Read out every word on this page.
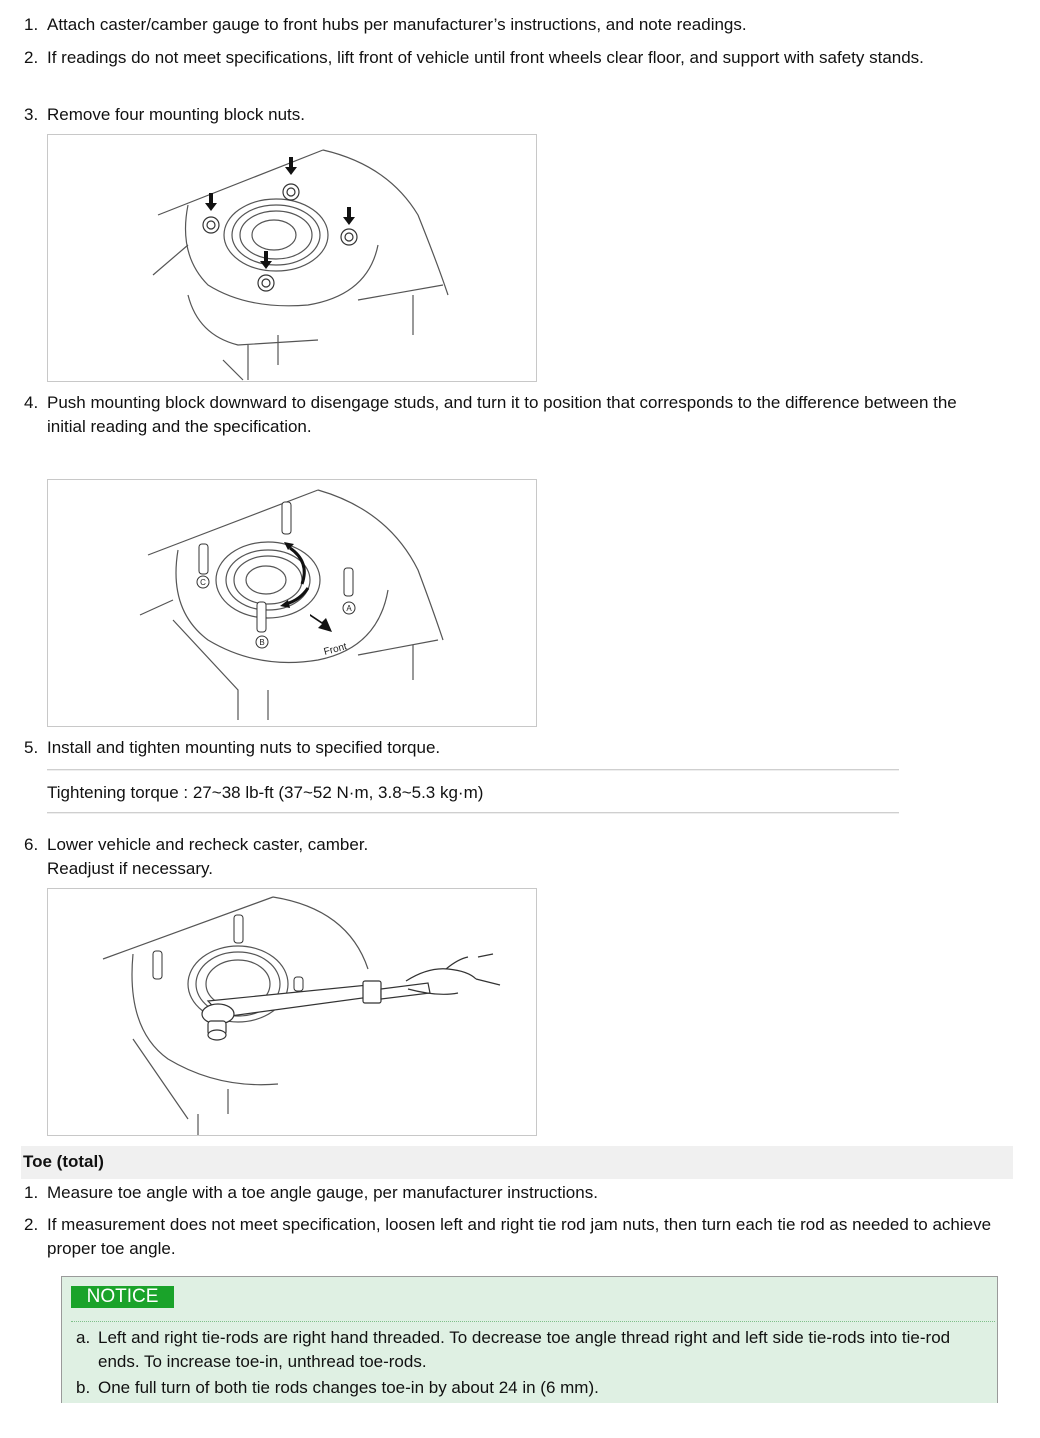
1. Attach caster/camber gauge to front hubs per manufacturer’s instructions, and note readings.
2. If readings do not meet specifications, lift front of vehicle until front wheels clear floor, and support with safety stands.
3. Remove four mounting block nuts.
4. Push mounting block downward to disengage studs, and turn it to position that corresponds to the difference between the initial reading and the specification.
A
B
C
Front
5. Install and tighten mounting nuts to specified torque.
Tightening torque : 27~38 lb-ft (37~52 N·m, 3.8~5.3 kg·m)
6. Lower vehicle and recheck caster, camber.
Readjust if necessary.
Toe (total)
1. Measure toe angle with a toe angle gauge, per manufacturer instructions.
2. If measurement does not meet specification, loosen left and right tie rod jam nuts, then turn each tie rod as needed to achieve proper toe angle.
NOTICE
a. Left and right tie-rods are right hand threaded. To decrease toe angle thread right and left side tie-rods into tie-rod ends. To increase toe-in, unthread toe-rods.
b. One full turn of both tie rods changes toe-in by about 24 in (6 mm).
